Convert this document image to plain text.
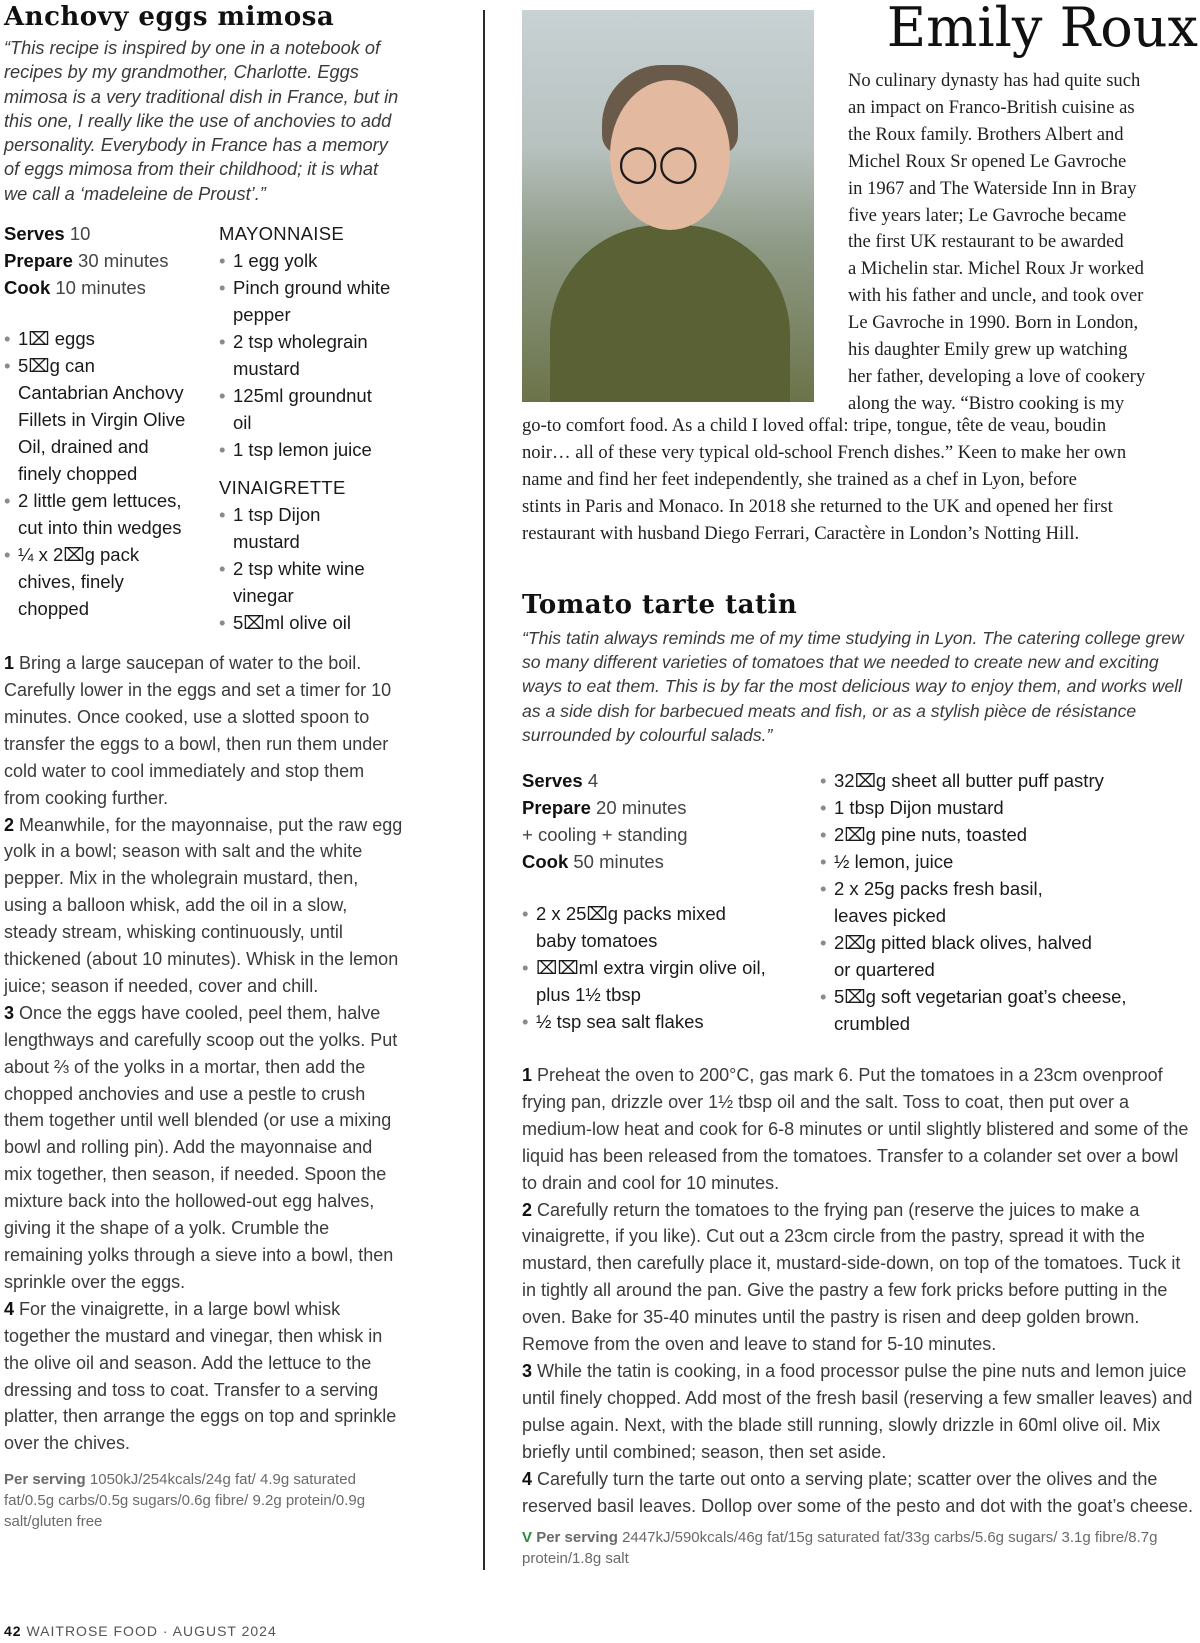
Anchovy eggs mimosa

“This recipe is inspired by one in a notebook of recipes by my grandmother, Charlotte. Eggs mimosa is a very traditional dish in France, but in this one, I really like the use of anchovies to add personality. Everybody in France has a memory of eggs mimosa from their childhood; it is what we call a ‘madeleine de Proust’.”

Serves 10
Prepare 30 minutes
Cook 10 minutes
• 1⌧ eggs
• 5⌧g can Cantabrian Anchovy Fillets in Virgin Olive Oil, drained and finely chopped
• 2 little gem lettuces, cut into thin wedges
• ¼ x 2⌧g pack chives, finely chopped
MAYONNAISE
• 1 egg yolk
• Pinch ground white pepper
• 2 tsp wholegrain mustard
• 125ml groundnut oil
• 1 tsp lemon juice
VINAIGRETTE
• 1 tsp Dijon mustard
• 2 tsp white wine vinegar
• 5⌧ml olive oil

1 Bring a large saucepan of water to the boil. Carefully lower in the eggs and set a timer for 10 minutes. Once cooked, use a slotted spoon to transfer the eggs to a bowl, then run them under cold water to cool immediately and stop them from cooking further.

2 Meanwhile, for the mayonnaise, put the raw egg yolk in a bowl; season with salt and the white pepper. Mix in the wholegrain mustard, then, using a balloon whisk, add the oil in a slow, steady stream, whisking continuously, until thickened (about 10 minutes). Whisk in the lemon juice; season if needed, cover and chill.

3 Once the eggs have cooled, peel them, halve lengthways and carefully scoop out the yolks. Put about ⅔ of the yolks in a mortar, then add the chopped anchovies and use a pestle to crush them together until well blended (or use a mixing bowl and rolling pin). Add the mayonnaise and mix together, then season, if needed. Spoon the mixture back into the hollowed-out egg halves, giving it the shape of a yolk. Crumble the remaining yolks through a sieve into a bowl, then sprinkle over the eggs.

4 For the vinaigrette, in a large bowl whisk together the mustard and vinegar, then whisk in the olive oil and season. Add the lettuce to the dressing and toss to coat. Transfer to a serving platter, then arrange the eggs on top and sprinkle over the chives.

Per serving 1050kJ/254kcals/24g fat/ 4.9g saturated fat/0.5g carbs/0.5g sugars/0.6g fibre/ 9.2g protein/0.9g salt/gluten free
◯◯
Emily Roux
No culinary dynasty has had quite such
an impact on Franco-British cuisine as
the Roux family. Brothers Albert and
Michel Roux Sr opened Le Gavroche
in 1967 and The Waterside Inn in Bray
five years later; Le Gavroche became
the first UK restaurant to be awarded
a Michelin star. Michel Roux Jr worked
with his father and uncle, and took over
Le Gavroche in 1990. Born in London,
his daughter Emily grew up watching
her father, developing a love of cookery
along the way. “Bistro cooking is my
go-to comfort food. As a child I loved offal: tripe, tongue, tête de veau, boudin
noir… all of these very typical old-school French dishes.” Keen to make her own
name and find her feet independently, she trained as a chef in Lyon, before
stints in Paris and Monaco. In 2018 she returned to the UK and opened her first
restaurant with husband Diego Ferrari, Caractère in London’s Notting Hill.
Tomato tarte tatin

“This tatin always reminds me of my time studying in Lyon. The catering college grew so many different varieties of tomatoes that we needed to create new and exciting ways to eat them. This is by far the most delicious way to enjoy them, and works well as a side dish for barbecued meats and fish, or as a stylish pièce de résistance surrounded by colourful salads.”

Serves 4
Prepare 20 minutes
+ cooling + standing
Cook 50 minutes
• 2 x 25⌧g packs mixed baby tomatoes
• ⌧⌧ml extra virgin olive oil, plus 1½ tbsp
• ½ tsp sea salt flakes
• 32⌧g sheet all butter puff pastry
• 1 tbsp Dijon mustard
• 2⌧g pine nuts, toasted
• ½ lemon, juice
• 2 x 25g packs fresh basil, leaves picked
• 2⌧g pitted black olives, halved or quartered
• 5⌧g soft vegetarian goat’s cheese, crumbled

1 Preheat the oven to 200°C, gas mark 6. Put the tomatoes in a 23cm ovenproof frying pan, drizzle over 1½ tbsp oil and the salt. Toss to coat, then put over a medium-low heat and cook for 6-8 minutes or until slightly blistered and some of the liquid has been released from the tomatoes. Transfer to a colander set over a bowl to drain and cool for 10 minutes.

2 Carefully return the tomatoes to the frying pan (reserve the juices to make a vinaigrette, if you like). Cut out a 23cm circle from the pastry, spread it with the mustard, then carefully place it, mustard-side-down, on top of the tomatoes. Tuck it in tightly all around the pan. Give the pastry a few fork pricks before putting in the oven. Bake for 35-40 minutes until the pastry is risen and deep golden brown. Remove from the oven and leave to stand for 5-10 minutes.

3 While the tatin is cooking, in a food processor pulse the pine nuts and lemon juice until finely chopped. Add most of the fresh basil (reserving a few smaller leaves) and pulse again. Next, with the blade still running, slowly drizzle in 60ml olive oil. Mix briefly until combined; season, then set aside.

4 Carefully turn the tarte out onto a serving plate; scatter over the olives and the reserved basil leaves. Dollop over some of the pesto and dot with the goat’s cheese.

V Per serving 2447kJ/590kcals/46g fat/15g saturated fat/33g carbs/5.6g sugars/ 3.1g fibre/8.7g protein/1.8g salt
42 WAITROSE FOOD · AUGUST 2024
